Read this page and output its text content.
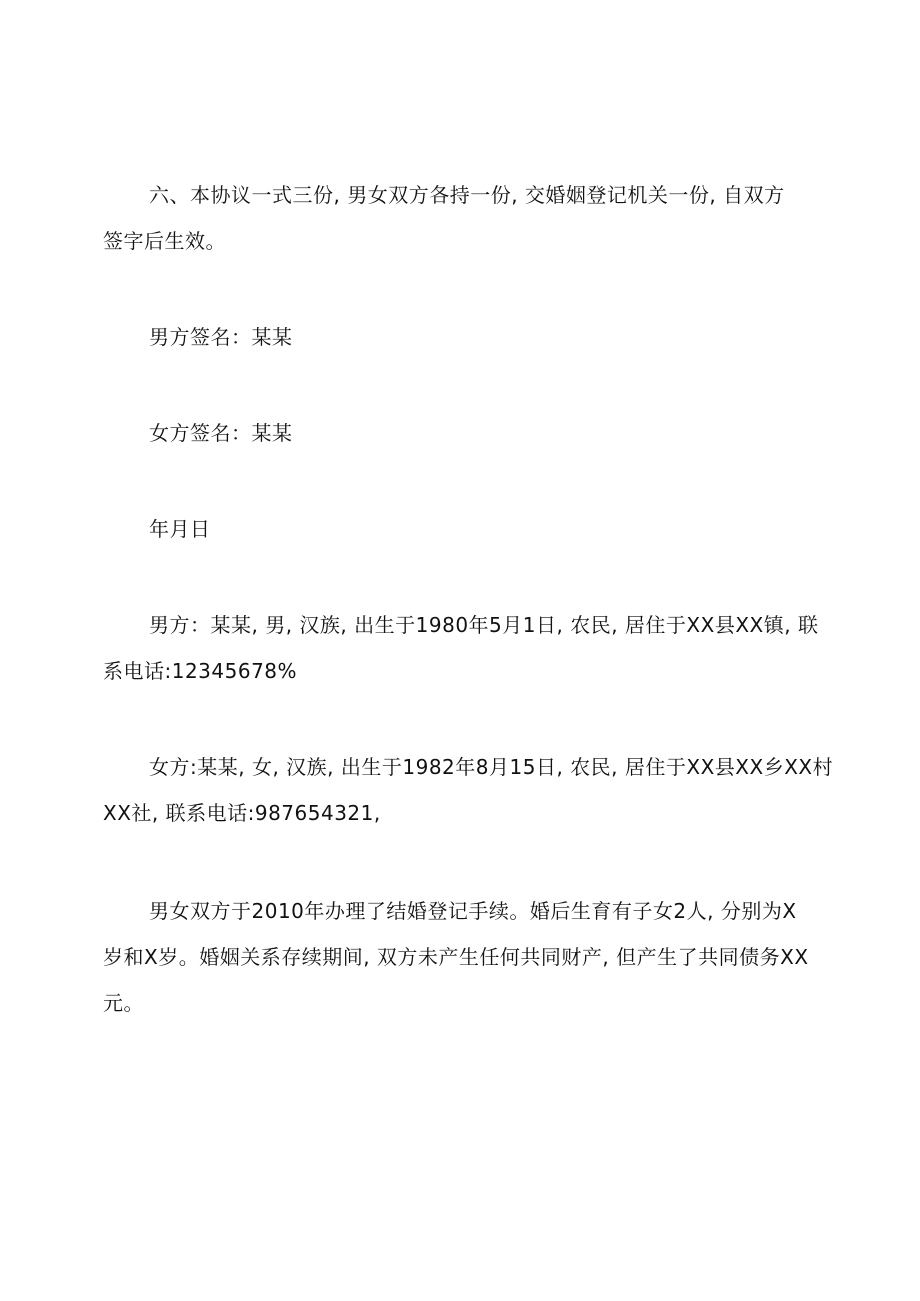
六、本协议一式三份, 男女双方各持一份, 交婚姻登记机关一份, 自双方
签字后生效。

男方签名：某某

女方签名：某某

年月日

男方：某某, 男, 汉族, 出生于1980年5月1日, 农民, 居住于XX县XX镇, 联
系电话:12345678%

女方:某某, 女, 汉族, 出生于1982年8月15日, 农民, 居住于XX县XX乡XX村
XX社, 联系电话:987654321,

男女双方于2010年办理了结婚登记手续。婚后生育有子女2人, 分别为X
岁和X岁。婚姻关系存续期间, 双方未产生任何共同财产, 但产生了共同债务XX
元。
